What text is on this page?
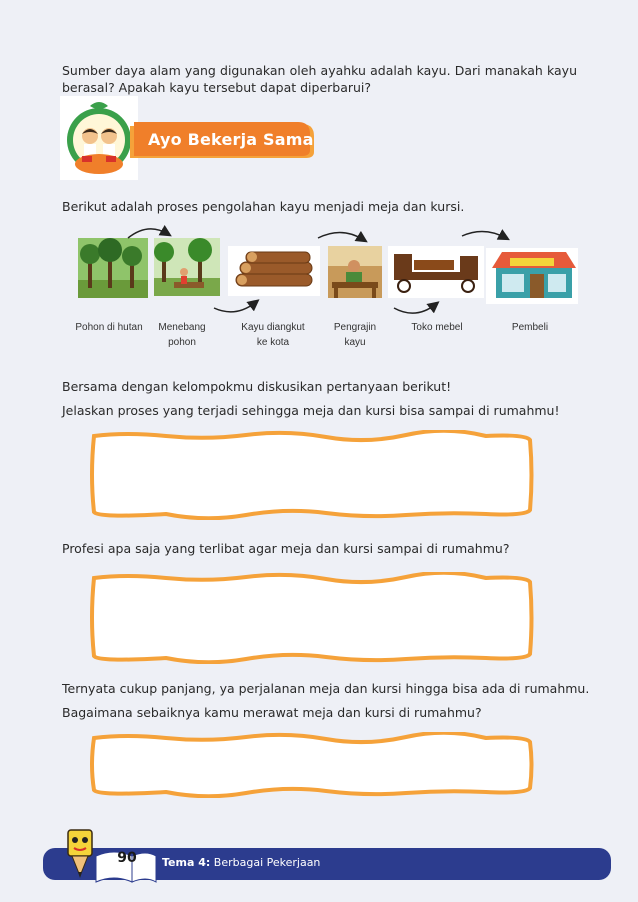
Sumber daya alam yang digunakan oleh ayahku adalah kayu. Dari manakah kayu berasal? Apakah kayu tersebut dapat diperbarui?
Ayo Bekerja Sama
Berikut adalah proses pengolahan kayu menjadi meja dan kursi.
Pohon di hutan	Menebang pohon
Kayu diangkut ke kota
Pengrajin kayu
Toko mebel	Pembeli
Bersama dengan kelompokmu diskusikan pertanyaan berikut!
Jelaskan proses yang terjadi sehingga meja dan kursi bisa sampai di rumahmu!
Profesi apa saja yang terlibat agar meja dan kursi sampai di rumahmu?
Ternyata cukup panjang, ya perjalanan meja dan kursi hingga bisa ada di rumahmu.
Bagaimana sebaiknya kamu merawat meja dan kursi di rumahmu?
90	Tema 4: Berbagai Pekerjaan
